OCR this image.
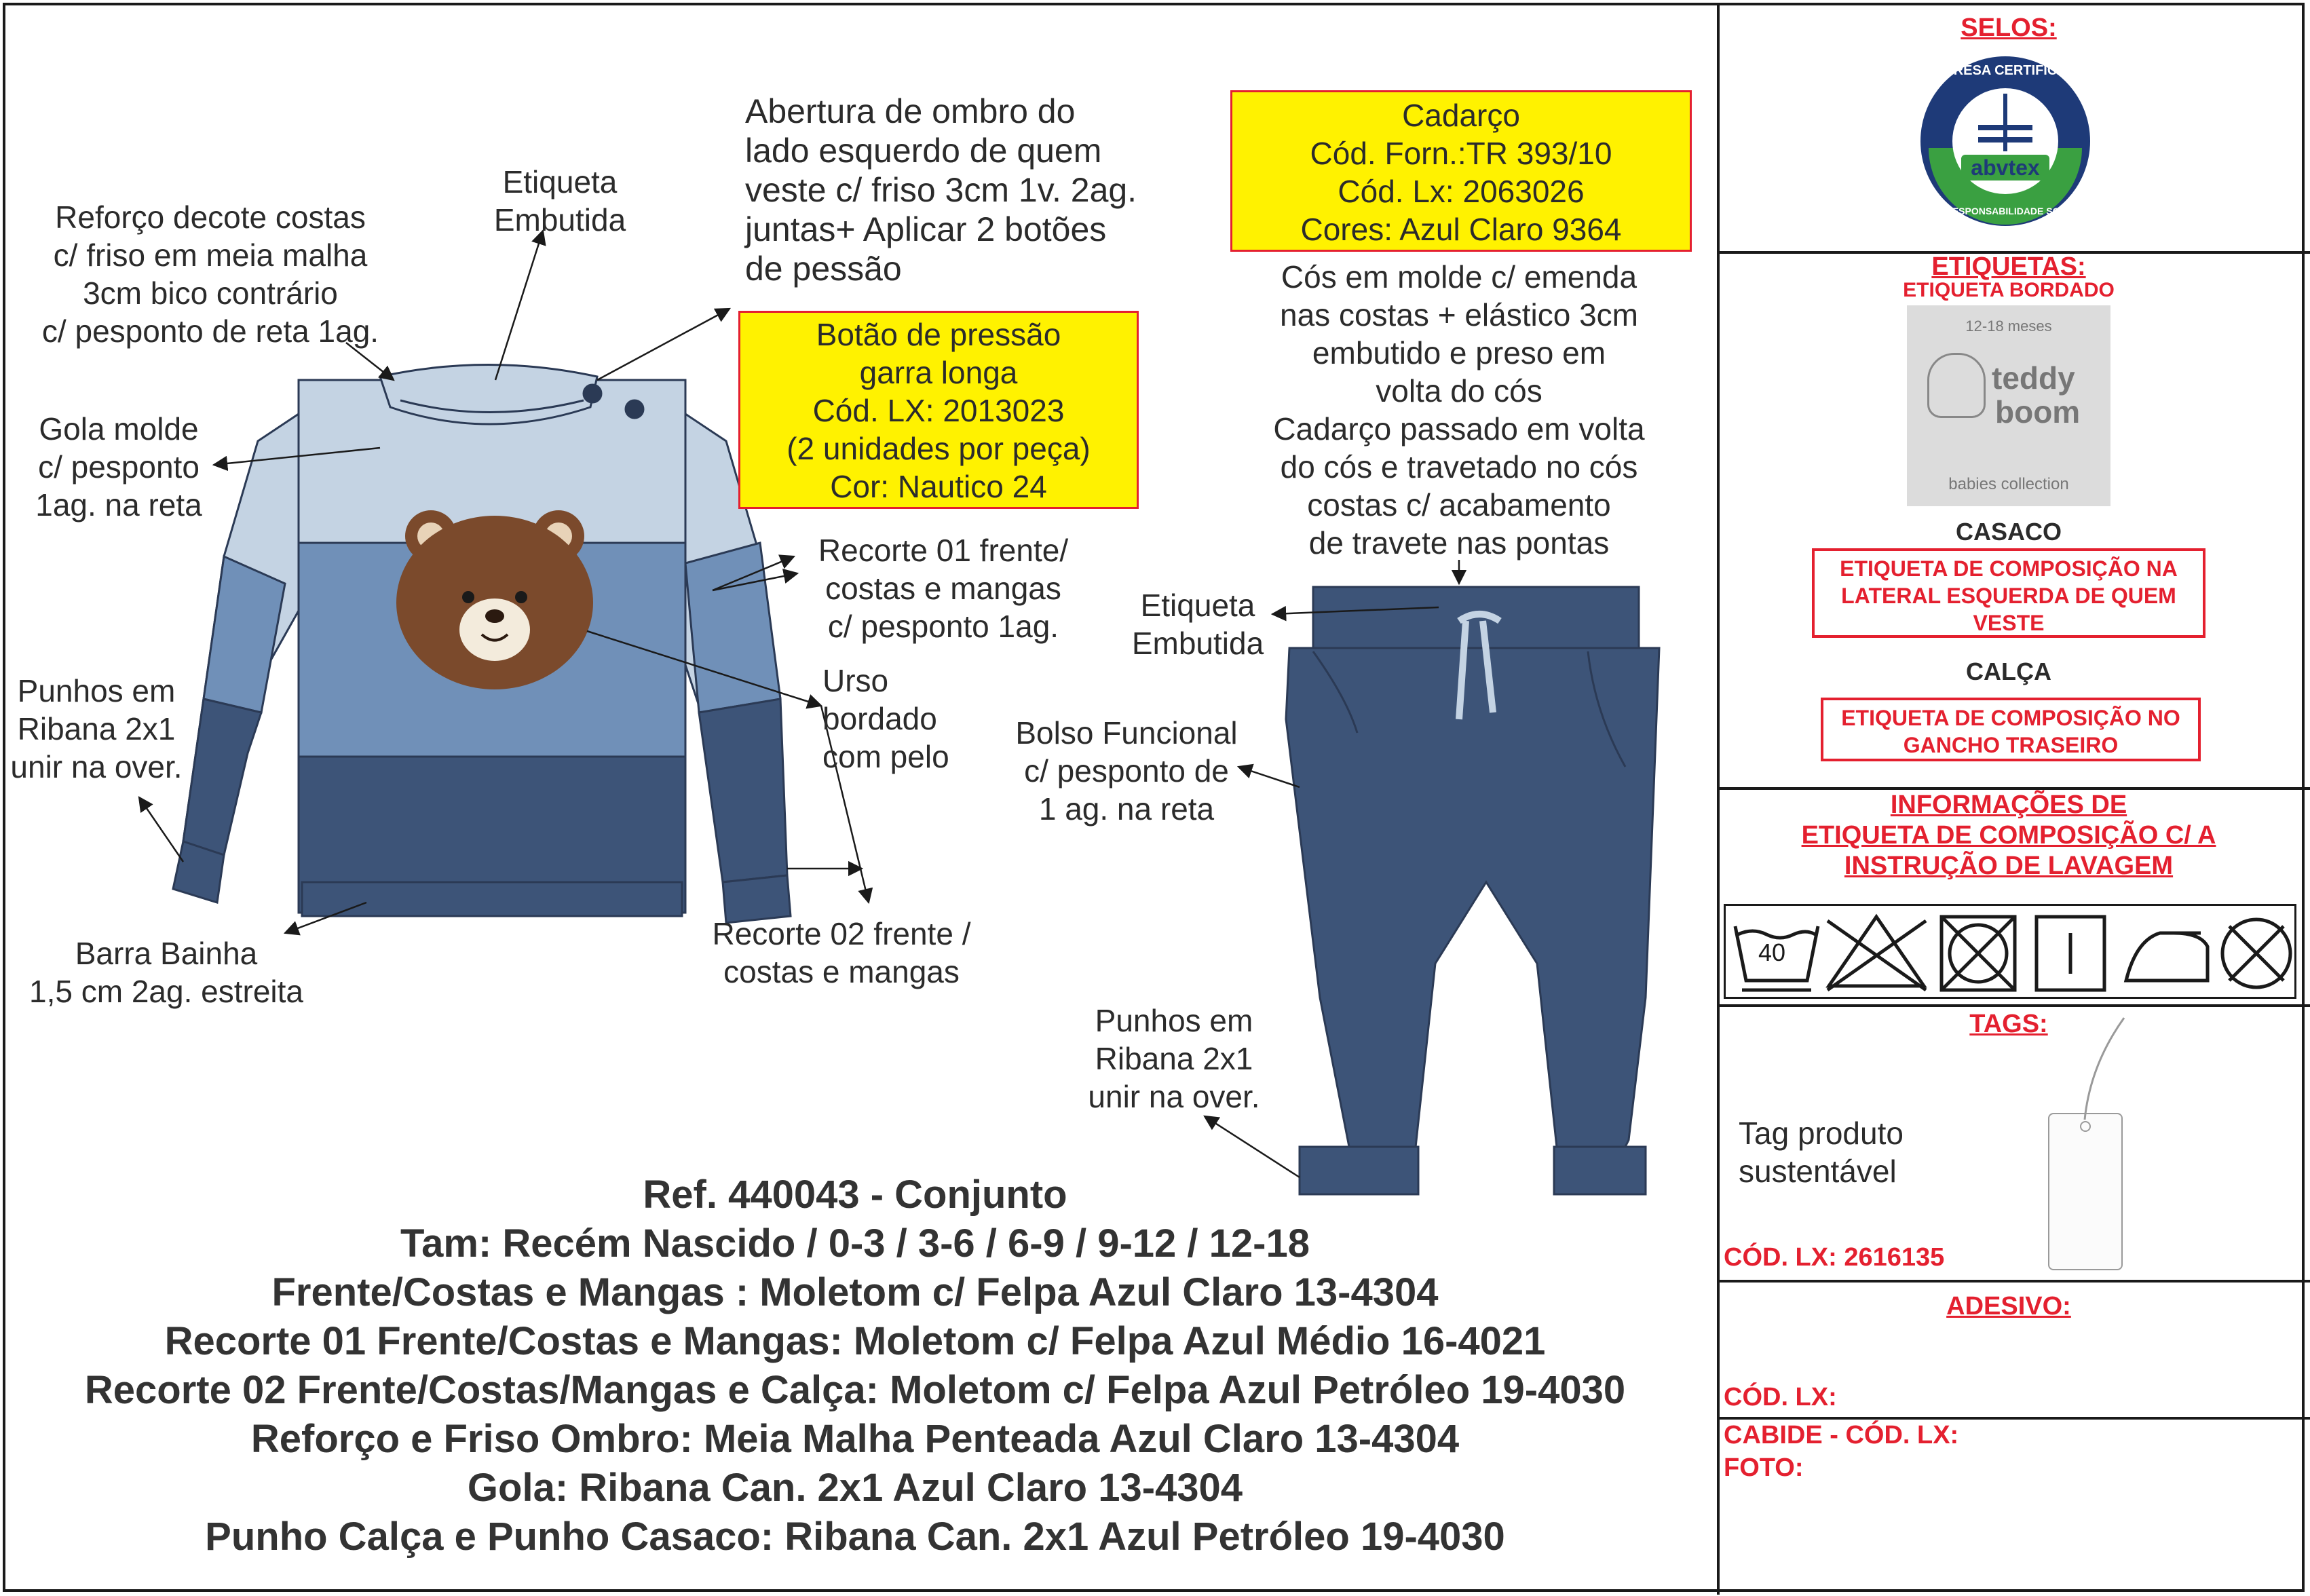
Reforço decote costas
c/ friso em meia malha
3cm bico contrário
c/ pesponto de reta 1ag.
Etiqueta
Embutida
Abertura de ombro do
lado esquerdo de quem
veste c/ friso 3cm 1v. 2ag.
juntas+ Aplicar 2 botões
de pessão
Botão de pressão
garra longa
Cód. LX: 2013023
(2 unidades por peça)
Cor: Nautico 24
Cadarço
Cód. Forn.:TR 393/10
Cód. Lx: 2063026
Cores: Azul Claro 9364
Cós em molde c/ emenda
nas costas + elástico 3cm
embutido e preso em
volta do cós
Cadarço passado em volta
do cós e travetado no cós
costas c/ acabamento
de travete nas pontas
Gola molde
c/ pesponto
1ag. na reta
Recorte 01 frente/
costas e mangas
c/ pesponto 1ag.
Etiqueta
Embutida
Punhos em
Ribana 2x1
unir na over.
Urso
bordado
com pelo
Bolso Funcional
c/ pesponto de
1 ag. na reta
Barra Bainha
1,5 cm 2ag. estreita
Recorte 02 frente /
costas e mangas
Punhos em
Ribana 2x1
unir na over.
Ref. 440043 - Conjunto
Tam: Recém Nascido / 0-3 / 3-6 / 6-9 / 9-12 / 12-18
Frente/Costas e Mangas : Moletom c/ Felpa Azul Claro 13-4304
Recorte 01 Frente/Costas e Mangas: Moletom c/ Felpa Azul Médio 16-4021
Recorte 02 Frente/Costas/Mangas e Calça: Moletom c/ Felpa Azul Petróleo 19-4030
Reforço e Friso Ombro: Meia Malha Penteada Azul Claro 13-4304
Gola: Ribana Can. 2x1 Azul Claro 13-4304
Punho Calça e Punho Casaco: Ribana Can. 2x1 Azul Petróleo 19-4030
SELOS:
EMPRESA CERTIFICADA
abvtex
EM RESPONSABILIDADE SOCIAL
ETIQUETAS:
ETIQUETA BORDADO
12-18 meses
teddy
boom
babies collection
CASACO
ETIQUETA DE COMPOSIÇÃO NA LATERAL ESQUERDA DE QUEM VESTE
CALÇA
ETIQUETA DE COMPOSIÇÃO NO GANCHO TRASEIRO
INFORMAÇÕES DE
ETIQUETA DE COMPOSIÇÃO C/ A
INSTRUÇÃO DE LAVAGEM
40
TAGS:
Tag produto
sustentável
CÓD. LX: 2616135
ADESIVO:
CÓD. LX:
CABIDE - CÓD. LX:
FOTO:
